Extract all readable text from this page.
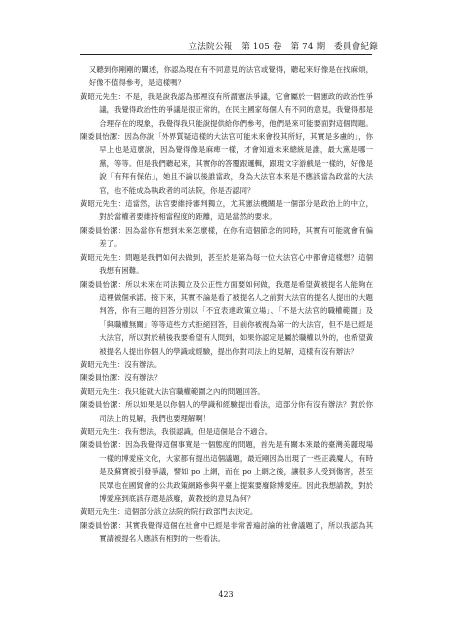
立法院公報　第 105 卷　第 74 期　委員會紀錄

又聽到你剛剛的闡述，你認為現在有不同意見的法官或覺得，聽起來好像是在找麻煩，好像不值得參考，是這樣嗎？

黃昭元先生：不是，我是說我認為那裡沒有所謂憲法爭議，它會屬於一個憲政的政治性爭議，我覺得政治性的爭議是很正常的，在民主國家每個人有不同的意見，我覺得那是合理存在的現象，我覺得我只能說提供給你們參考，他們是來可能要面對這個問題。

陳委員怡潔：因為你說「外界質疑這樣的大法官可能未來會投其所好，其實是多慮的」，你早上也是這麼說，因為覺得像是麻痺一樣，才會知道未來總統是誰，最大黨是哪一黨，等等。但是我們聽起來，其實你的答覆跟邏輯，跟現文字游戲是一樣的，好像是說「有拜有保佑」，她且不論以後誰當政，身為大法官本來是不應該當為政當的大法官，也不能成為執政者的司法院，你是否認同？

黃昭元先生：這當然，法官要維持審判獨立，尤其憲法機關是一個部分是政治上的中立，對於當權者要維持相當程度的距離，這是當然的要求。

陳委員怡潔：因為當你有想到未來怎麼樣，在你有這個節念的同時，其實有可能就會有偏差了。

黃昭元先生：問題是我們如何去做到，甚至於是第為每一位大法官心中都會這樣想？這個我想有困難。

陳委員怡潔：所以未來在司法獨立及公正性方面要如何做，我還是希望黃被提名人能夠在這裡做個承諾。接下來，其實不論是看了被提名人之前對大法官的提名人提出的大題判答，你有三題的回答分別以「不宜表達政策立場」、「不是大法官的職權範圍」及「與職權無關」等等這些方式拒絕回答，目前你被視為第一的大法官，但不是已經是大法官，所以對於稍後我要希望有人問到，如果你認定是屬於職權以外的，也希望黃被提名人提出你個人的學識或經驗，提出你對司法上的見解，這樣有沒有辦法？

黃昭元先生：沒有辦法。

陳委員怡潔：沒有辦法？

黃昭元先生：我只能就大法官職權範圍之內的問題回答。

陳委員怡潔：所以如果是以你個人的學識和經驗提出看法，這部分你有沒有辦法？對於你司法上的見解，我們也要理解啊！

黃昭元先生：我有想法，我很認識，但是這個是合不適合。

陳委員怡潔：因為我覺得這個事寬是一個態度的問題，首先是有關本來最的臺灣美麗現場一樣的博愛座文化，大家都有提出這個議題，最近剛因為出現了一些正義魔人，有時是及蘇寶被引發爭議，譬如 po 上網，而在 po 上網之後，讓很多人受到傷害，甚至民眾也在國貿會的公共政策網路參與平臺上提案要廢除博愛座。因此我想請教，對於博愛座到底該存還是該廢，黃教授的意見為何？

黃昭元先生：這個部分該立法院的院行政部門去決定。

陳委員怡潔：其實我覺得這個在社會中已經是非常普遍討論的社會議題了，所以我認為其實請被提名人應該有相對的一些看法。

423
